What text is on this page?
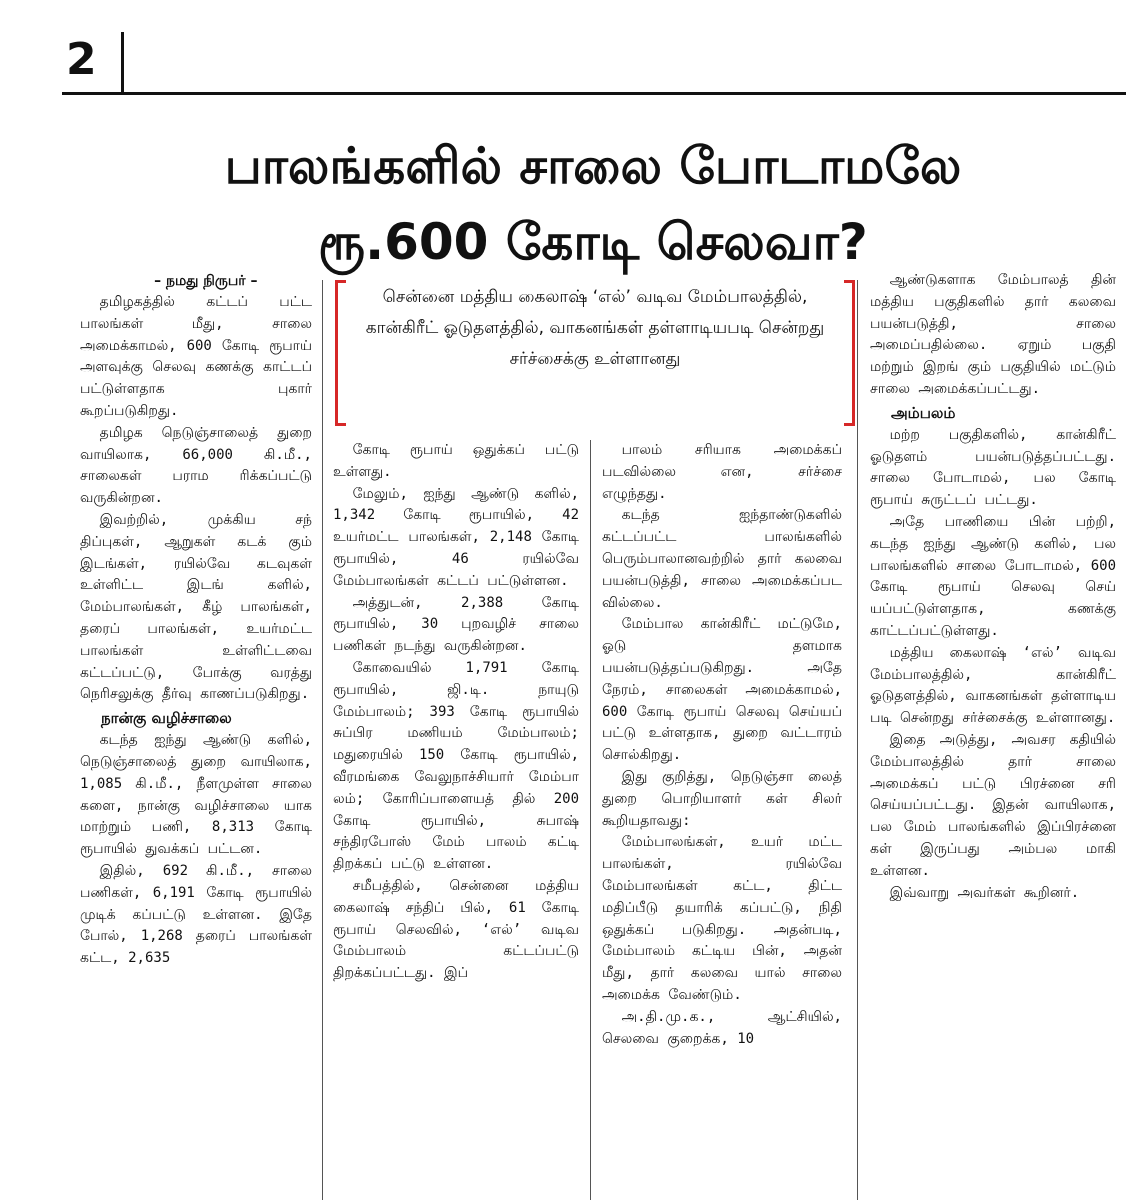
2
பாலங்களில் சாலை போடாமலே
ரூ.600 கோடி செலவா?
சென்னை மத்திய கைலாஷ் ‘எல்’ வடிவ மேம்பாலத்தில், கான்கிரீட் ஓடுதளத்தில், வாகனங்கள் தள்ளாடியபடி சென்றது சர்ச்சைக்கு உள்ளானது

– நமது நிருபர் –

தமிழகத்தில் கட்டப் பட்ட பாலங்கள் மீது, சாலை அமைக்காமல், 600 கோடி ரூபாய் அளவுக்கு செலவு கணக்கு காட்டப் பட்டுள்ளதாக புகார் கூறப்படுகிறது.

தமிழக நெடுஞ்சாலைத் துறை வாயிலாக, 66,000 கி.மீ., சாலைகள் பராம ரிக்கப்பட்டு வருகின்றன.

இவற்றில், முக்கிய சந் திப்புகள், ஆறுகள் கடக் கும் இடங்கள், ரயில்வே கடவுகள் உள்ளிட்ட இடங் களில், மேம்பாலங்கள், கீழ் பாலங்கள், தரைப் பாலங்கள், உயர்மட்ட பாலங்கள் உள்ளிட்டவை கட்டப்பட்டு, போக்கு வரத்து நெரிசலுக்கு தீர்வு காணப்படுகிறது.

நான்கு வழிச்சாலை

கடந்த ஐந்து ஆண்டு களில், நெடுஞ்சாலைத் துறை வாயிலாக, 1,085 கி.மீ., நீளமுள்ள சாலை களை, நான்கு வழிச்சாலை யாக மாற்றும் பணி, 8,313 கோடி ரூபாயில் துவக்கப் பட்டன.

இதில், 692 கி.மீ., சாலை பணிகள், 6,191 கோடி ரூபாயில் முடிக் கப்பட்டு உள்ளன. இதே போல், 1,268 தரைப் பாலங்கள் கட்ட, 2,635

கோடி ரூபாய் ஒதுக்கப் பட்டு உள்ளது.

மேலும், ஐந்து ஆண்டு களில், 1,342 கோடி ரூபாயில், 42 உயர்மட்ட பாலங்கள், 2,148 கோடி ரூபாயில், 46 ரயில்வே மேம்பாலங்கள் கட்டப் பட்டுள்ளன.

அத்துடன், 2,388 கோடி ரூபாயில், 30 புறவழிச் சாலை பணிகள் நடந்து வருகின்றன.

கோவையில் 1,791 கோடி ரூபாயில், ஜி.டி. நாயுடு மேம்பாலம்; 393 கோடி ரூபாயில் சுப்பிர மணியம் மேம்பாலம்; மதுரையில் 150 கோடி ரூபாயில், வீரமங்கை வேலுநாச்சியார் மேம்பா லம்; கோரிப்பாளையத் தில் 200 கோடி ரூபாயில், சுபாஷ் சந்திரபோஸ் மேம் பாலம் கட்டி திறக்கப் பட்டு உள்ளன.

சமீபத்தில், சென்னை மத்திய கைலாஷ் சந்திப் பில், 61 கோடி ரூபாய் செலவில், ‘எல்’ வடிவ மேம்பாலம் கட்டப்பட்டு திறக்கப்பட்டது. இப்

பாலம் சரியாக அமைக்கப் படவில்லை என, சர்ச்சை எழுந்தது.

கடந்த ஐந்தாண்டுகளில் கட்டப்பட்ட பாலங்களில் பெரும்பாலானவற்றில் தார் கலவை பயன்படுத்தி, சாலை அமைக்கப்பட வில்லை.

மேம்பால கான்கிரீட் மட்டுமே, ஓடு தளமாக பயன்படுத்தப்படுகிறது. அதே நேரம், சாலைகள் அமைக்காமல், 600 கோடி ரூபாய் செலவு செய்யப் பட்டு உள்ளதாக, துறை வட்டாரம் சொல்கிறது.

இது குறித்து, நெடுஞ்சா லைத் துறை பொறியாளர் கள் சிலர் கூறியதாவது:

மேம்பாலங்கள், உயர் மட்ட பாலங்கள், ரயில்வே மேம்பாலங்கள் கட்ட, திட்ட மதிப்பீடு தயாரிக் கப்பட்டு, நிதி ஒதுக்கப் படுகிறது. அதன்படி, மேம்பாலம் கட்டிய பின், அதன் மீது, தார் கலவை யால் சாலை அமைக்க வேண்டும்.

அ.தி.மு.க., ஆட்சியில், செலவை குறைக்க, 10

ஆண்டுகளாக மேம்பாலத் தின் மத்திய பகுதிகளில் தார் கலவை பயன்படுத்தி, சாலை அமைப்பதில்லை. ஏறும் பகுதி மற்றும் இறங் கும் பகுதியில் மட்டும் சாலை அமைக்கப்பட்டது.

அம்பலம்

மற்ற பகுதிகளில், கான்கிரீட் ஓடுதளம் பயன்படுத்தப்பட்டது. சாலை போடாமல், பல கோடி ரூபாய் சுருட்டப் பட்டது.

அதே பாணியை பின் பற்றி, கடந்த ஐந்து ஆண்டு களில், பல பாலங்களில் சாலை போடாமல், 600 கோடி ரூபாய் செலவு செய் யப்பட்டுள்ளதாக, கணக்கு காட்டப்பட்டுள்ளது.

மத்திய கைலாஷ் ‘எல்’ வடிவ மேம்பாலத்தில், கான்கிரீட் ஓடுதளத்தில், வாகனங்கள் தள்ளாடிய படி சென்றது சர்ச்சைக்கு உள்ளானது.

இதை அடுத்து, அவசர கதியில் மேம்பாலத்தில் தார் சாலை அமைக்கப் பட்டு பிரச்னை சரி செய்யப்பட்டது. இதன் வாயிலாக, பல மேம் பாலங்களில் இப்பிரச்னை கள் இருப்பது அம்பல மாகி உள்ளன.

இவ்வாறு அவர்கள் கூறினர்.
